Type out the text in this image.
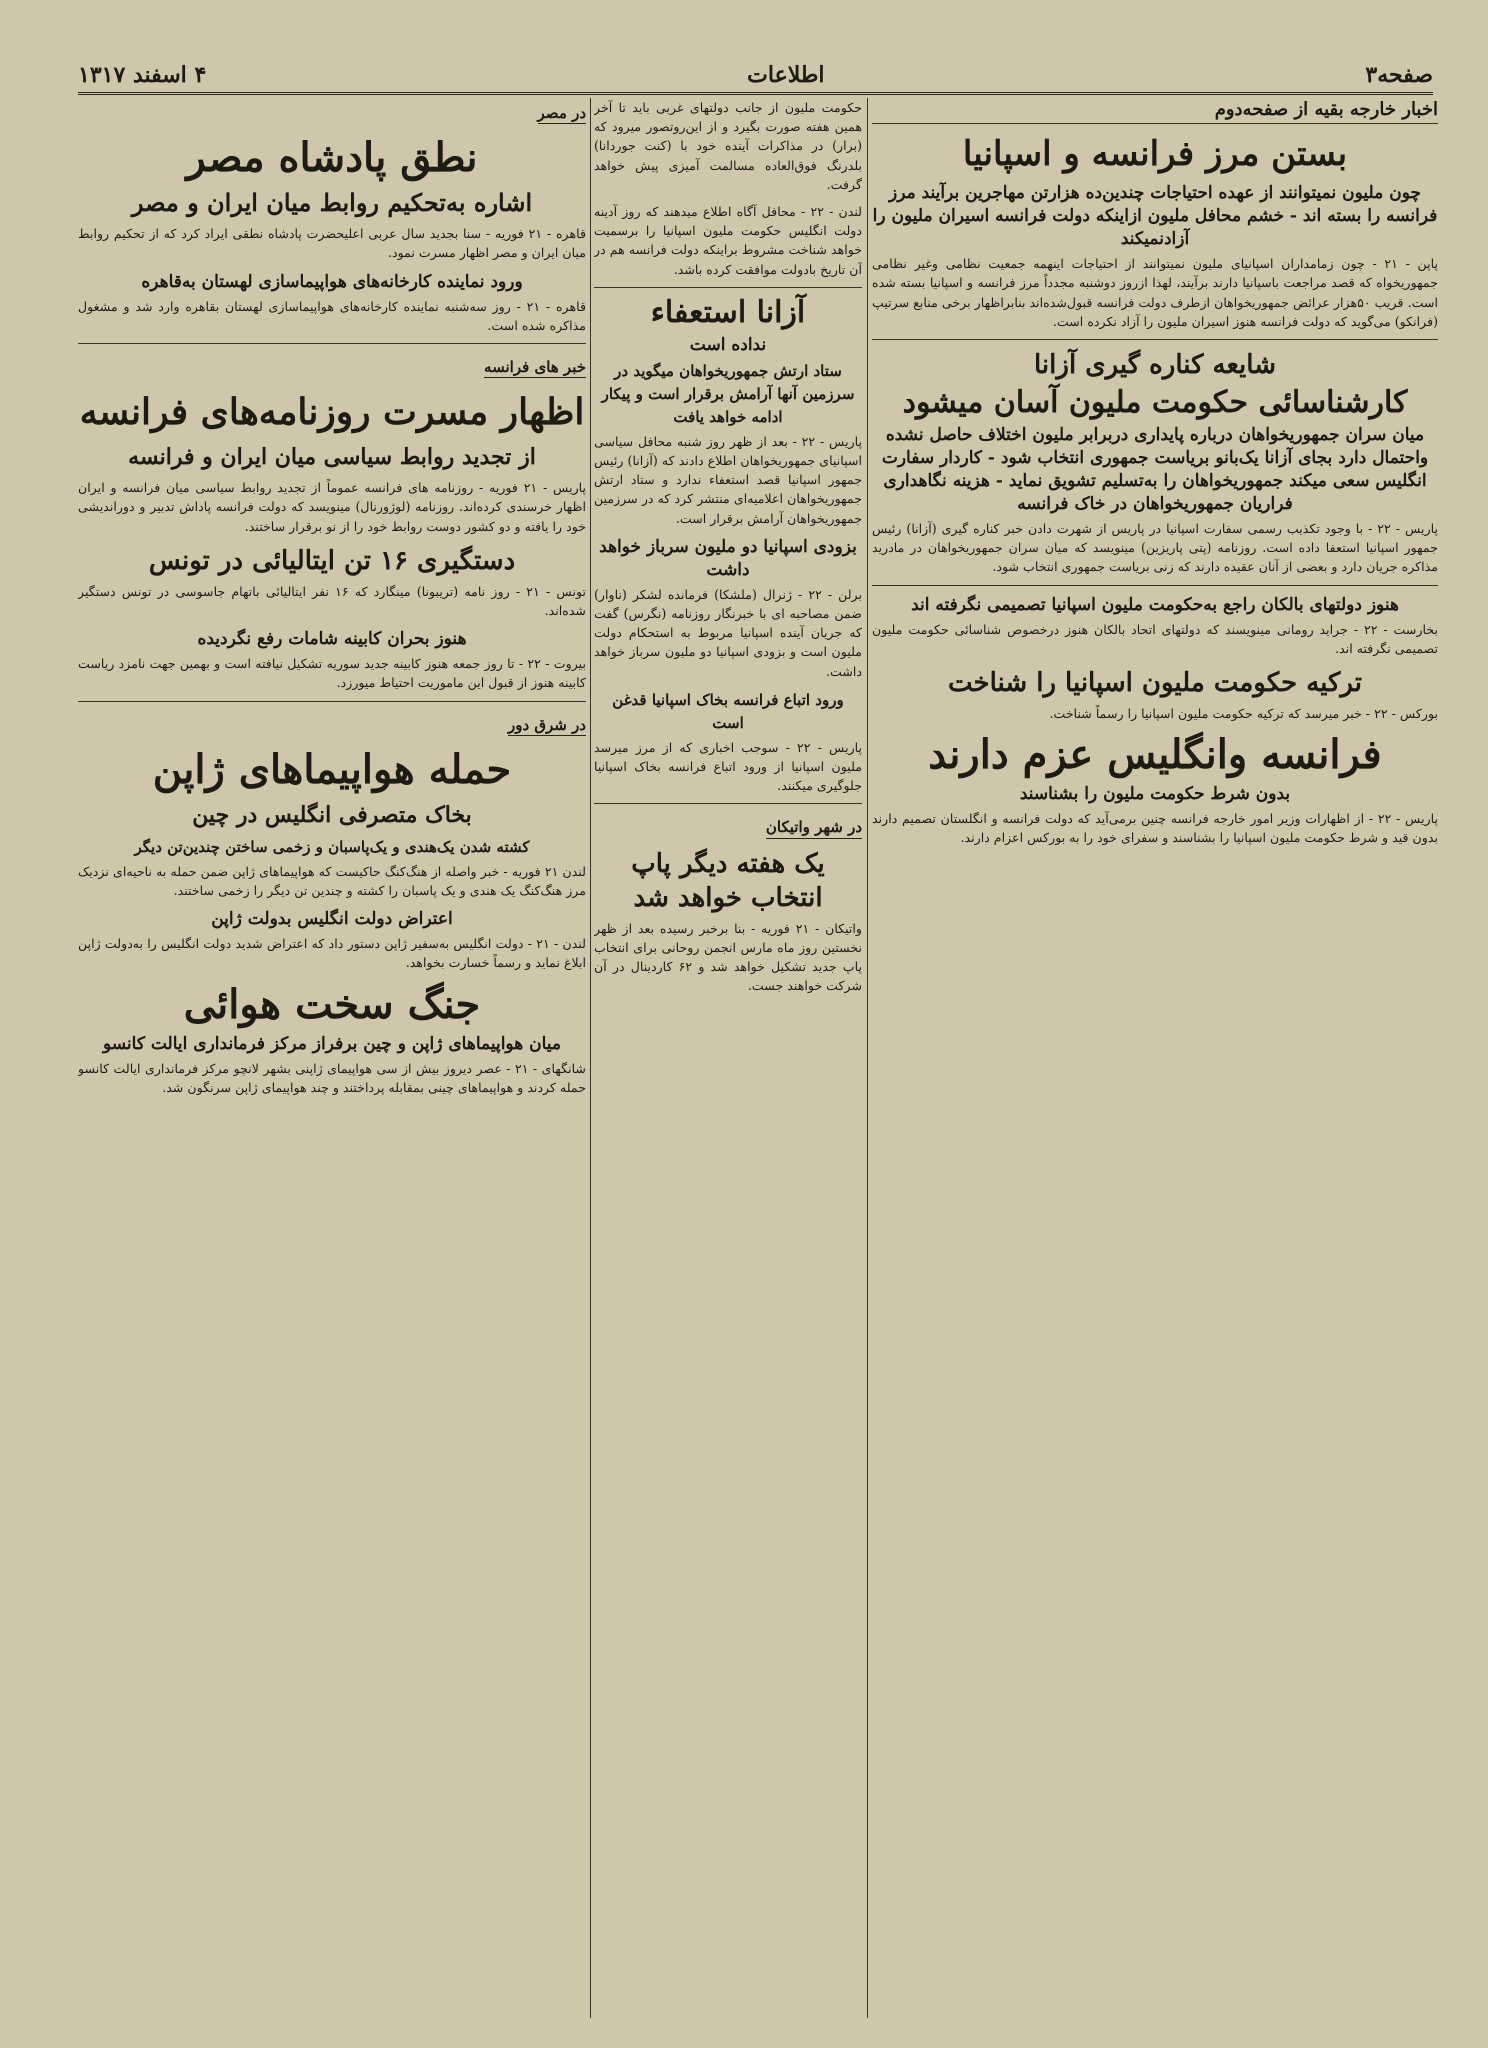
صفحه۳
اطلاعات
۴ اسفند ۱۳۱۷
اخبار خارجه بقیه از صفحه‌دوم
بستن مرز فرانسه و اسپانیا
چون ملیون نمیتوانند از عهده احتیاجات چندین‌ده هزارتن مهاجرین برآیند مرز فرانسه را بسته اند - خشم محافل ملیون ازاینکه دولت فرانسه اسیران ملیون را آزادنمیکند
پاپن - ۲۱ - چون زمامداران اسپانیای ملیون نمیتوانند از احتیاجات اینهمه جمعیت نظامی وغیر نظامی جمهوریخواه که قصد مراجعت باسپانیا دارند برآیند، لهذا ازروز دوشنبه مجدداً مرز فرانسه و اسپانیا بسته شده است. قریب ۵۰هزار عرائض جمهوریخواهان ازطرف دولت فرانسه قبول‌شده‌اند بنابراظهار برخی منابع سرتیپ (فرانکو) می‌گوید که دولت فرانسه هنوز اسیران ملیون را آزاد نکرده است.
شایعه کناره گیری آزانا
کارشناسائی حکومت ملیون آسان میشود
میان سران جمهوریخواهان درباره پایداری دربرابر ملیون اختلاف حاصل نشده واحتمال دارد بجای آزانا یک‌بانو بریاست جمهوری انتخاب شود - کاردار سفارت انگلیس سعی میکند جمهوریخواهان را به‌تسلیم تشویق نماید - هزینه نگاهداری فراریان جمهوریخواهان در خاک فرانسه
پاریس - ۲۲ - با وجود تکذیب رسمی سفارت اسپانیا در پاریس از شهرت دادن خبر کناره گیری (آزانا) رئیس جمهور اسپانیا استعفا داده است. روزنامه (پتی پاریزین) مینویسد که میان سران جمهوریخواهان در مادرید مذاکره جریان دارد و بعضی از آنان عقیده دارند که زنی بریاست جمهوری انتخاب شود.
هنوز دولتهای بالکان راجع به‌حکومت ملیون اسپانیا تصمیمی نگرفته اند
بخارست - ۲۲ - جراید رومانی مینویسند که دولتهای اتحاد بالکان هنوز درخصوص شناسائی حکومت ملیون تصمیمی نگرفته اند.
ترکیه حکومت ملیون اسپانیا را شناخت
بورکس - ۲۲ - خبر میرسد که ترکیه حکومت ملیون اسپانیا را رسماً شناخت.
فرانسه وانگلیس عزم دارند
بدون شرط حکومت ملیون را بشناسند
پاریس - ۲۲ - از اظهارات وزیر امور خارجه فرانسه چنین برمی‌آید که دولت فرانسه و انگلستان تصمیم دارند بدون قید و شرط حکومت ملیون اسپانیا را بشناسند و سفرای خود را به بورکس اعزام دارند.
حکومت ملیون از جانب دولتهای غربی باید تا آخر همین هفته صورت بگیرد و از این‌روتصور میرود که (برار) در مذاکرات آینده خود با (کنت جوردانا) بلدرنگ فوق‌العاده مسالمت آمیزی پیش خواهد گرفت.
لندن - ۲۲ - محافل آگاه اطلاع میدهند که روز آدینه دولت انگلیس حکومت ملیون اسپانیا را برسمیت خواهد شناخت مشروط براینکه دولت فرانسه هم در آن تاریخ بادولت موافقت کرده باشد.
آزانا استعفاء
نداده است
ستاد ارتش جمهوریخواهان میگوید در سرزمین آنها آرامش برقرار است و پیکار ادامه خواهد یافت
پاریس - ۲۲ - بعد از ظهر روز شنبه محافل سیاسی اسپانیای جمهوریخواهان اطلاع دادند که (آزانا) رئیس جمهور اسپانیا قصد استعفاء ندارد و ستاد ارتش جمهوریخواهان اعلامیه‌ای منتشر کرد که در سرزمین جمهوریخواهان آرامش برقرار است.
بزودی اسپانیا دو ملیون سرباز خواهد داشت
برلن - ۲۲ - ژنرال (ملشکا) فرمانده لشکر (ناوار) ضمن مصاحبه ای با خبرنگار روزنامه (نگرس) گفت که جریان آینده اسپانیا مربوط به استحکام دولت ملیون است و بزودی اسپانیا دو ملیون سرباز خواهد داشت.
ورود اتباع فرانسه بخاک اسپانیا قدغن است
پاریس - ۲۲ - سوجب اخباری که از مرز میرسد ملیون اسپانیا از ورود اتباع فرانسه بخاک اسپانیا جلوگیری میکنند.
در شهر واتیکان
یک هفته دیگر پاپ انتخاب خواهد شد
واتیکان - ۲۱ فوریه - بنا برخبر رسیده بعد از ظهر نخستین روز ماه مارس انجمن روحانی برای انتخاب پاپ جدید تشکیل خواهد شد و ۶۲ کاردینال در آن شرکت خواهند جست.
در مصر
نطق پادشاه مصر
اشاره به‌تحکیم روابط میان ایران و مصر
قاهره - ۲۱ فوریه - سنا بجدید سال عربی اعلیحضرت پادشاه نطقی ایراد کرد که از تحکیم روابط میان ایران و مصر اظهار مسرت نمود.
ورود نماینده کارخانه‌های هواپیماسازی لهستان به‌قاهره
قاهره - ۲۱ - روز سه‌شنبه نماینده کارخانه‌های هواپیماسازی لهستان بقاهره وارد شد و مشغول مذاکره شده است.
خبر های فرانسه
اظهار مسرت روزنامه‌های فرانسه
از تجدید روابط سیاسی میان ایران و فرانسه
پاریس - ۲۱ فوریه - روزنامه های فرانسه عموماً از تجدید روابط سیاسی میان فرانسه و ایران اظهار خرسندی کرده‌اند. روزنامه (لوژورنال) مینویسد که دولت فرانسه پاداش تدبیر و دوراندیشی خود را یافته و دو کشور دوست روابط خود را از نو برقرار ساختند.
دستگیری ۱۶ تن ایتالیائی در تونس
تونس - ۲۱ - روز نامه (تریبونا) مینگارد که ۱۶ نفر ایتالیائی باتهام جاسوسی در تونس دستگیر شده‌اند.
هنوز بحران کابینه شامات رفع نگردیده
بیروت - ۲۲ - تا روز جمعه هنوز کابینه جدید سوریه تشکیل نیافته است و بهمین جهت نامزد ریاست کابینه هنوز از قبول این ماموریت احتیاط میورزد.
در شرق دور
حمله هواپیماهای ژاپن
بخاک متصرفی انگلیس در چین
کشته شدن یک‌هندی و یک‌پاسبان و زخمی ساختن چندین‌تن دیگر
لندن ۲۱ فوریه - خبر واصله از هنگ‌کنگ حاکیست که هواپیماهای ژاپن ضمن حمله به ناحیه‌ای نزدیک مرز هنگ‌کنگ یک هندی و یک پاسبان را کشته و چندین تن دیگر را زخمی ساختند.
اعتراض دولت انگلیس بدولت ژاپن
لندن - ۲۱ - دولت انگلیس به‌سفیر ژاپن دستور داد که اعتراض شدید دولت انگلیس را به‌دولت ژاپن ابلاغ نماید و رسماً خسارت بخواهد.
جنگ سخت هوائی
میان هواپیماهای ژاپن و چین برفراز مرکز فرمانداری ایالت کانسو
شانگهای - ۲۱ - عصر دیروز بیش از سی هواپیمای ژاپنی بشهر لانچو مرکز فرمانداری ایالت کانسو حمله کردند و هواپیماهای چینی بمقابله پرداختند و چند هواپیمای ژاپن سرنگون شد.
